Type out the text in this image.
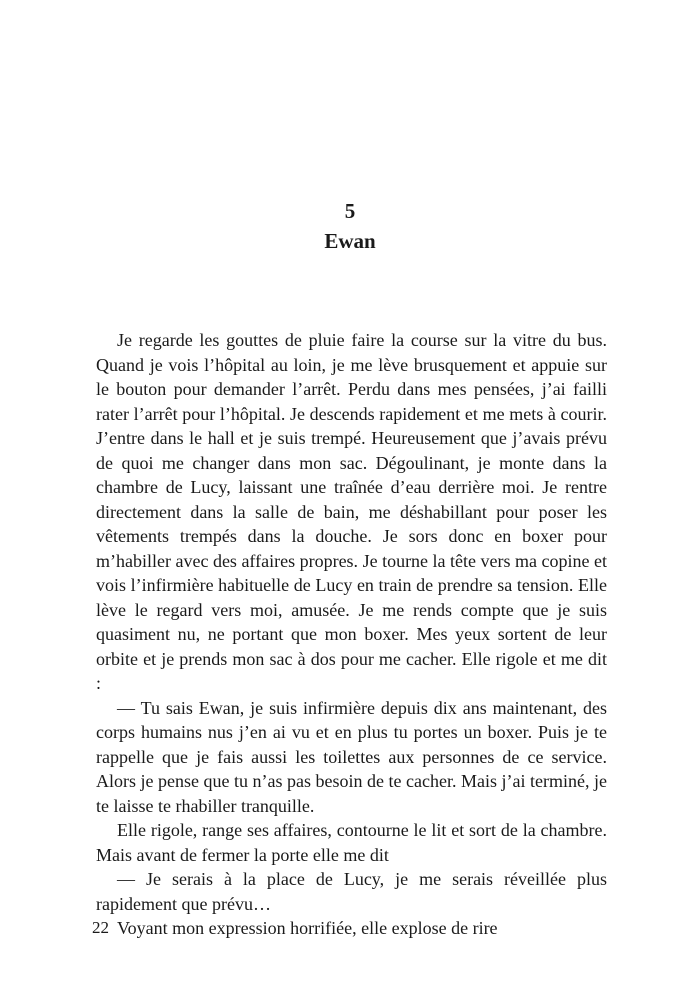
5
Ewan

Je regarde les gouttes de pluie faire la course sur la vitre du bus. Quand je vois l’hôpital au loin, je me lève brusquement et appuie sur le bouton pour demander l’arrêt. Perdu dans mes pensées, j’ai failli rater l’arrêt pour l’hôpital. Je descends rapidement et me mets à courir. J’entre dans le hall et je suis trempé. Heureusement que j’avais prévu de quoi me changer dans mon sac. Dégoulinant, je monte dans la chambre de Lucy, laissant une traînée d’eau derrière moi. Je rentre directement dans la salle de bain, me déshabillant pour poser les vêtements trempés dans la douche. Je sors donc en boxer pour m’habiller avec des affaires propres. Je tourne la tête vers ma copine et vois l’infirmière habituelle de Lucy en train de prendre sa tension. Elle lève le regard vers moi, amusée. Je me rends compte que je suis quasiment nu, ne portant que mon boxer. Mes yeux sortent de leur orbite et je prends mon sac à dos pour me cacher. Elle rigole et me dit :

— Tu sais Ewan, je suis infirmière depuis dix ans maintenant, des corps humains nus j’en ai vu et en plus tu portes un boxer. Puis je te rappelle que je fais aussi les toilettes aux personnes de ce service. Alors je pense que tu n’as pas besoin de te cacher. Mais j’ai terminé, je te laisse te rhabiller tranquille.

Elle rigole, range ses affaires, contourne le lit et sort de la chambre. Mais avant de fermer la porte elle me dit

— Je serais à la place de Lucy, je me serais réveillée plus rapidement que prévu…

Voyant mon expression horrifiée, elle explose de rire

22
